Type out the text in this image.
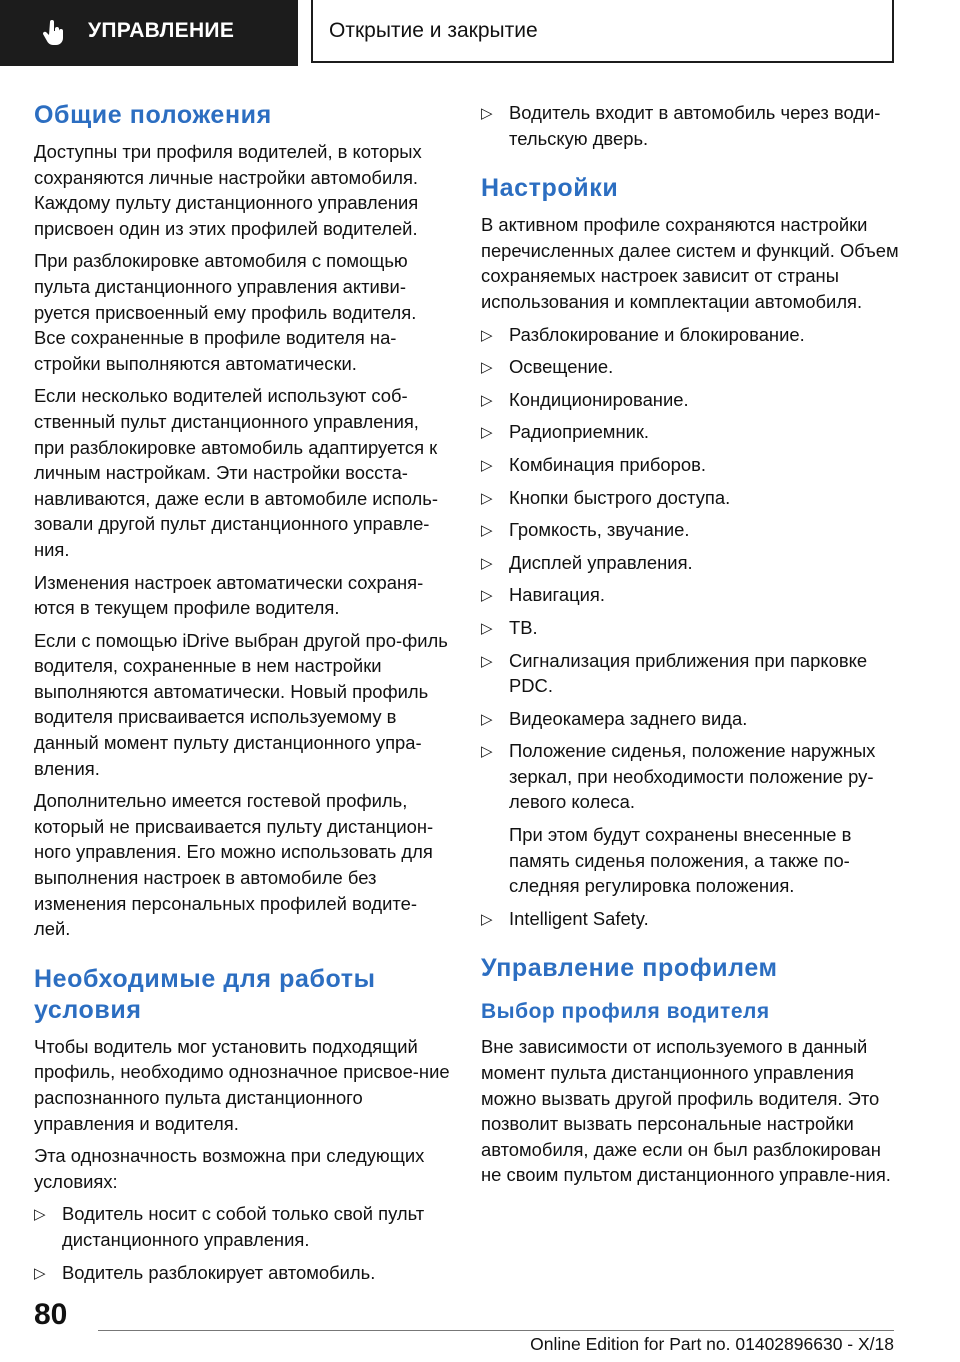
УПРАВЛЕНИЕ	Открытие и закрытие
Общие положения

Доступны три профиля водителей, в которых сохраняются личные настройки автомобиля. Каждому пульту дистанционного управления присвоен один из этих профилей водителей.

При разблокировке автомобиля с помощью пульта дистанционного управления активи-руется присвоенный ему профиль водителя. Все сохраненные в профиле водителя на-стройки выполняются автоматически.

Если несколько водителей используют соб-ственный пульт дистанционного управления, при разблокировке автомобиль адаптируется к личным настройкам. Эти настройки восста-навливаются, даже если в автомобиле исполь-зовали другой пульт дистанционного управле-ния.

Изменения настроек автоматически сохраня-ются в текущем профиле водителя.

Если с помощью iDrive выбран другой про-филь водителя, сохраненные в нем настройки выполняются автоматически. Новый профиль водителя присваивается используемому в данный момент пульту дистанционного упра-вления.

Дополнительно имеется гостевой профиль, который не присваивается пульту дистанцион-ного управления. Его можно использовать для выполнения настроек в автомобиле без изменения персональных профилей водите-лей.

Необходимые для работы условия

Чтобы водитель мог установить подходящий профиль, необходимо однозначное присвое-ние распознанного пульта дистанционного управления и водителя.

Эта однозначность возможна при следующих условиях:

▷ Водитель носит с собой только свой пульт дистанционного управления.
▷ Водитель разблокирует автомобиль.
▷ Водитель входит в автомобиль через води-тельскую дверь.
Настройки

В активном профиле сохраняются настройки перечисленных далее систем и функций. Объем сохраняемых настроек зависит от страны использования и комплектации автомобиля.

▷ Разблокирование и блокирование.
▷ Освещение.
▷ Кондиционирование.
▷ Радиоприемник.
▷ Комбинация приборов.
▷ Кнопки быстрого доступа.
▷ Громкость, звучание.
▷ Дисплей управления.
▷ Навигация.
▷ ТВ.
▷ Сигнализация приближения при парковке PDC.
▷ Видеокамера заднего вида.
▷ Положение сиденья, положение наружных зеркал, при необходимости положение ру-левого колеса.

При этом будут сохранены внесенные в память сиденья положения, а также по-следняя регулировка положения.

▷ Intelligent Safety.
Управление профилем
Выбор профиля водителя

Вне зависимости от используемого в данный момент пульта дистанционного управления можно вызвать другой профиль водителя. Это позволит вызвать персональные настройки автомобиля, даже если он был разблокирован не своим пультом дистанционного управле-ния.

80
Online Edition for Part no. 01402896630 - X/18
